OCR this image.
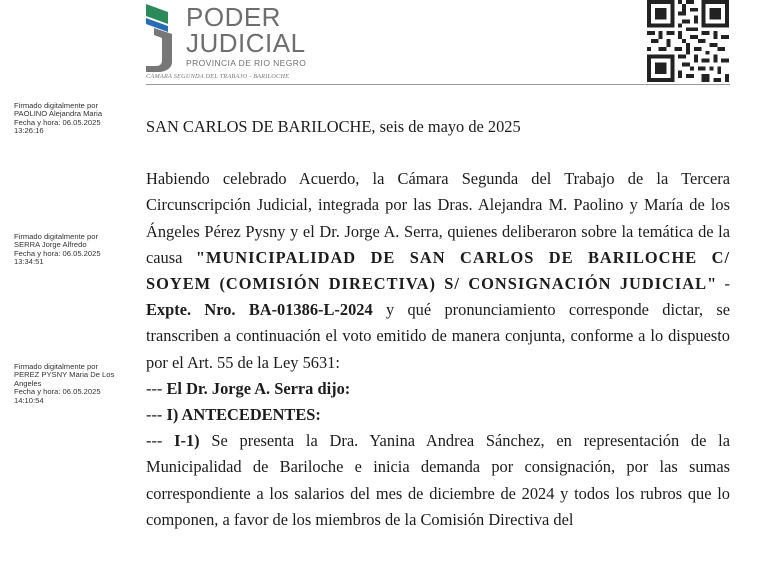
PODER
JUDICIAL
PROVINCIA DE RIO NEGRO
CÁMARA SEGUNDA DEL TRABAJO - BARILOCHE
Firmado digitalmente por
PAOLINO Alejandra Maria
Fecha y hora: 06.05.2025
13:26:16
Firmado digitalmente por
SERRA Jorge Alfredo
Fecha y hora: 06.05.2025
13:34:51
Firmado digitalmente por
PEREZ PYSNY Maria De Los Angeles
Fecha y hora: 06.05.2025
14:10:54

SAN CARLOS DE BARILOCHE, seis de mayo de 2025

Habiendo celebrado Acuerdo, la Cámara Segunda del Trabajo de la Tercera Circunscripción Judicial, integrada por las Dras. Alejandra M. Paolino y María de los Ángeles Pérez Pysny y el Dr. Jorge A. Serra, quienes deliberaron sobre la temática de la causa "MUNICIPALIDAD DE SAN CARLOS DE BARILOCHE C/ SOYEM (COMISIÓN DIRECTIVA) S/ CONSIGNACIÓN JUDICIAL" - Expte. Nro. BA-01386-L-2024 y qué pronunciamiento corresponde dictar, se transcriben a continuación el voto emitido de manera conjunta, conforme a lo dispuesto por el Art. 55 de la Ley 5631:

--- El Dr. Jorge A. Serra dijo:

--- I) ANTECEDENTES:

--- I-1) Se presenta la Dra. Yanina Andrea Sánchez, en representación de la Municipalidad de Bariloche e inicia demanda por consignación, por las sumas correspondiente a los salarios del mes de diciembre de 2024 y todos los rubros que lo componen, a favor de los miembros de la Comisión Directiva del
